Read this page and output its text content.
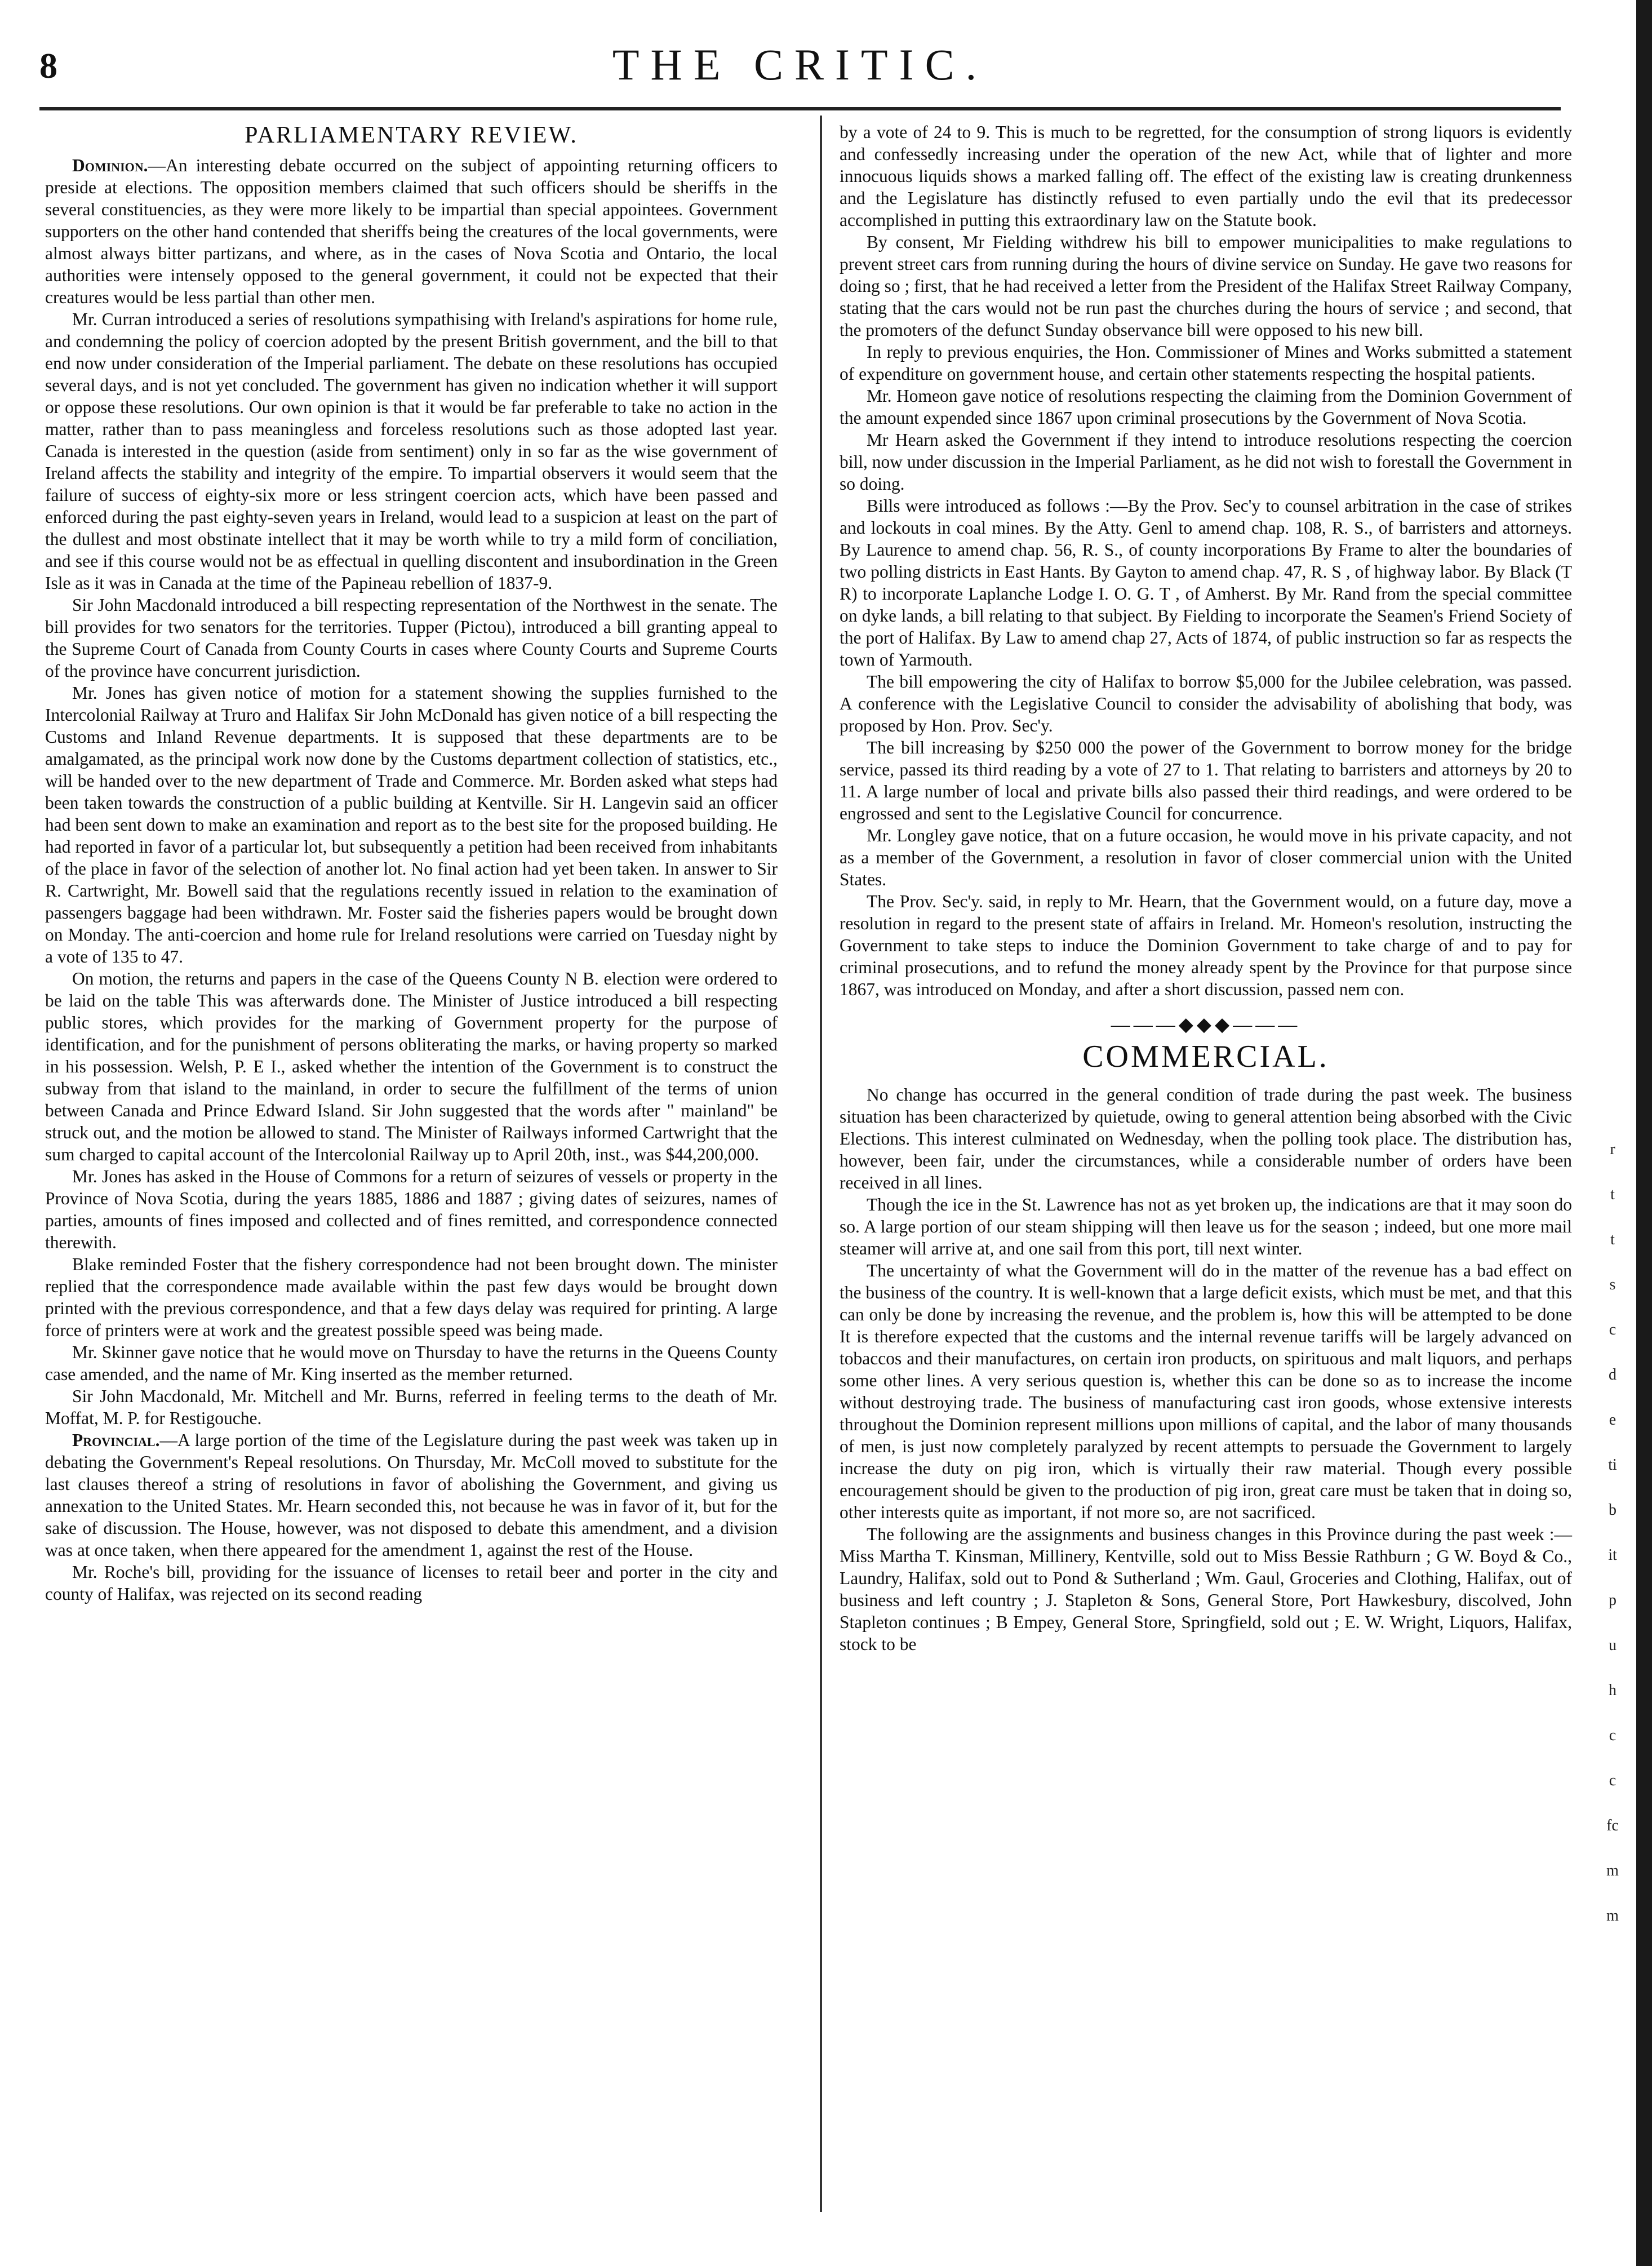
8	THE CRITIC.
PARLIAMENTARY REVIEW.

Dominion.—An interesting debate occurred on the subject of appointing returning officers to preside at elections. The opposition members claimed that such officers should be sheriffs in the several constituencies, as they were more likely to be impartial than special appointees. Government supporters on the other hand contended that sheriffs being the creatures of the local governments, were almost always bitter partizans, and where, as in the cases of Nova Scotia and Ontario, the local authorities were intensely opposed to the general government, it could not be expected that their creatures would be less partial than other men.

Mr. Curran introduced a series of resolutions sympathising with Ireland's aspirations for home rule, and condemning the policy of coercion adopted by the present British government, and the bill to that end now under consideration of the Imperial parliament. The debate on these resolutions has occupied several days, and is not yet concluded. The government has given no indication whether it will support or oppose these resolutions. Our own opinion is that it would be far preferable to take no action in the matter, rather than to pass meaningless and forceless resolutions such as those adopted last year. Canada is interested in the question (aside from sentiment) only in so far as the wise government of Ireland affects the stability and integrity of the empire. To impartial observers it would seem that the failure of success of eighty-six more or less stringent coercion acts, which have been passed and enforced during the past eighty-seven years in Ireland, would lead to a suspicion at least on the part of the dullest and most obstinate intellect that it may be worth while to try a mild form of conciliation, and see if this course would not be as effectual in quelling discontent and insubordination in the Green Isle as it was in Canada at the time of the Papineau rebellion of 1837-9.

Sir John Macdonald introduced a bill respecting representation of the Northwest in the senate. The bill provides for two senators for the territories. Tupper (Pictou), introduced a bill granting appeal to the Supreme Court of Canada from County Courts in cases where County Courts and Supreme Courts of the province have concurrent jurisdiction.

Mr. Jones has given notice of motion for a statement showing the supplies furnished to the Intercolonial Railway at Truro and Halifax Sir John McDonald has given notice of a bill respecting the Customs and Inland Revenue departments. It is supposed that these departments are to be amalgamated, as the principal work now done by the Customs department collection of statistics, etc., will be handed over to the new department of Trade and Commerce. Mr. Borden asked what steps had been taken towards the construction of a public building at Kentville. Sir H. Langevin said an officer had been sent down to make an examination and report as to the best site for the proposed building. He had reported in favor of a particular lot, but subsequently a petition had been received from inhabitants of the place in favor of the selection of another lot. No final action had yet been taken. In answer to Sir R. Cartwright, Mr. Bowell said that the regulations recently issued in relation to the examination of passengers baggage had been withdrawn. Mr. Foster said the fisheries papers would be brought down on Monday. The anti-coercion and home rule for Ireland resolutions were carried on Tuesday night by a vote of 135 to 47.

On motion, the returns and papers in the case of the Queens County N B. election were ordered to be laid on the table This was afterwards done. The Minister of Justice introduced a bill respecting public stores, which provides for the marking of Government property for the purpose of identification, and for the punishment of persons obliterating the marks, or having property so marked in his possession. Welsh, P. E I., asked whether the intention of the Government is to construct the subway from that island to the mainland, in order to secure the fulfillment of the terms of union between Canada and Prince Edward Island. Sir John suggested that the words after " mainland" be struck out, and the motion be allowed to stand. The Minister of Railways informed Cartwright that the sum charged to capital account of the Intercolonial Railway up to April 20th, inst., was $44,200,000.

Mr. Jones has asked in the House of Commons for a return of seizures of vessels or property in the Province of Nova Scotia, during the years 1885, 1886 and 1887 ; giving dates of seizures, names of parties, amounts of fines imposed and collected and of fines remitted, and correspondence connected therewith.

Blake reminded Foster that the fishery correspondence had not been brought down. The minister replied that the correspondence made available within the past few days would be brought down printed with the previous correspondence, and that a few days delay was required for printing. A large force of printers were at work and the greatest possible speed was being made.

Mr. Skinner gave notice that he would move on Thursday to have the returns in the Queens County case amended, and the name of Mr. King inserted as the member returned.

Sir John Macdonald, Mr. Mitchell and Mr. Burns, referred in feeling terms to the death of Mr. Moffat, M. P. for Restigouche.

Provincial.—A large portion of the time of the Legislature during the past week was taken up in debating the Government's Repeal resolutions. On Thursday, Mr. McColl moved to substitute for the last clauses thereof a string of resolutions in favor of abolishing the Government, and giving us annexation to the United States. Mr. Hearn seconded this, not because he was in favor of it, but for the sake of discussion. The House, however, was not disposed to debate this amendment, and a division was at once taken, when there appeared for the amendment 1, against the rest of the House.

Mr. Roche's bill, providing for the issuance of licenses to retail beer and porter in the city and county of Halifax, was rejected on its second reading

by a vote of 24 to 9. This is much to be regretted, for the consumption of strong liquors is evidently and confessedly increasing under the operation of the new Act, while that of lighter and more innocuous liquids shows a marked falling off. The effect of the existing law is creating drunkenness and the Legislature has distinctly refused to even partially undo the evil that its predecessor accomplished in putting this extraordinary law on the Statute book.

By consent, Mr Fielding withdrew his bill to empower municipalities to make regulations to prevent street cars from running during the hours of divine service on Sunday. He gave two reasons for doing so ; first, that he had received a letter from the President of the Halifax Street Railway Company, stating that the cars would not be run past the churches during the hours of service ; and second, that the promoters of the defunct Sunday observance bill were opposed to his new bill.

In reply to previous enquiries, the Hon. Commissioner of Mines and Works submitted a statement of expenditure on government house, and certain other statements respecting the hospital patients.

Mr. Homeon gave notice of resolutions respecting the claiming from the Dominion Government of the amount expended since 1867 upon criminal prosecutions by the Government of Nova Scotia.

Mr Hearn asked the Government if they intend to introduce resolutions respecting the coercion bill, now under discussion in the Imperial Parliament, as he did not wish to forestall the Government in so doing.

Bills were introduced as follows :—By the Prov. Sec'y to counsel arbitration in the case of strikes and lockouts in coal mines. By the Atty. Genl to amend chap. 108, R. S., of barristers and attorneys. By Laurence to amend chap. 56, R. S., of county incorporations By Frame to alter the boundaries of two polling districts in East Hants. By Gayton to amend chap. 47, R. S , of highway labor. By Black (T R) to incorporate Laplanche Lodge I. O. G. T , of Amherst. By Mr. Rand from the special committee on dyke lands, a bill relating to that subject. By Fielding to incorporate the Seamen's Friend Society of the port of Halifax. By Law to amend chap 27, Acts of 1874, of public instruction so far as respects the town of Yarmouth.

The bill empowering the city of Halifax to borrow $5,000 for the Jubilee celebration, was passed. A conference with the Legislative Council to consider the advisability of abolishing that body, was proposed by Hon. Prov. Sec'y.

The bill increasing by $250 000 the power of the Government to borrow money for the bridge service, passed its third reading by a vote of 27 to 1. That relating to barristers and attorneys by 20 to 11. A large number of local and private bills also passed their third readings, and were ordered to be engrossed and sent to the Legislative Council for concurrence.

Mr. Longley gave notice, that on a future occasion, he would move in his private capacity, and not as a member of the Government, a resolution in favor of closer commercial union with the United States.

The Prov. Sec'y. said, in reply to Mr. Hearn, that the Government would, on a future day, move a resolution in regard to the present state of affairs in Ireland. Mr. Homeon's resolution, instructing the Government to take steps to induce the Dominion Government to take charge of and to pay for criminal prosecutions, and to refund the money already spent by the Province for that purpose since 1867, was introduced on Monday, and after a short discussion, passed nem con.

―――◆◆◆―――
COMMERCIAL.

No change has occurred in the general condition of trade during the past week. The business situation has been characterized by quietude, owing to general attention being absorbed with the Civic Elections. This interest culminated on Wednesday, when the polling took place. The distribution has, however, been fair, under the circumstances, while a considerable number of orders have been received in all lines.

Though the ice in the St. Lawrence has not as yet broken up, the indications are that it may soon do so. A large portion of our steam shipping will then leave us for the season ; indeed, but one more mail steamer will arrive at, and one sail from this port, till next winter.

The uncertainty of what the Government will do in the matter of the revenue has a bad effect on the business of the country. It is well-known that a large deficit exists, which must be met, and that this can only be done by increasing the revenue, and the problem is, how this will be attempted to be done It is therefore expected that the customs and the internal revenue tariffs will be largely advanced on tobaccos and their manufactures, on certain iron products, on spirituous and malt liquors, and perhaps some other lines. A very serious question is, whether this can be done so as to increase the income without destroying trade. The business of manufacturing cast iron goods, whose extensive interests throughout the Dominion represent millions upon millions of capital, and the labor of many thousands of men, is just now completely paralyzed by recent attempts to persuade the Government to largely increase the duty on pig iron, which is virtually their raw material. Though every possible encouragement should be given to the production of pig iron, great care must be taken that in doing so, other interests quite as important, if not more so, are not sacrificed.

The following are the assignments and business changes in this Province during the past week :—Miss Martha T. Kinsman, Millinery, Kentville, sold out to Miss Bessie Rathburn ; G W. Boyd & Co., Laundry, Halifax, sold out to Pond & Sutherland ; Wm. Gaul, Groceries and Clothing, Halifax, out of business and left country ; J. Stapleton & Sons, General Store, Port Hawkesbury, discolved, John Stapleton continues ; B Empey, General Store, Springfield, sold out ; E. W. Wright, Liquors, Halifax, stock to be

r
t
t
s
c
d
e
ti
b
it
p
u
h
c
c
fc
m
m
